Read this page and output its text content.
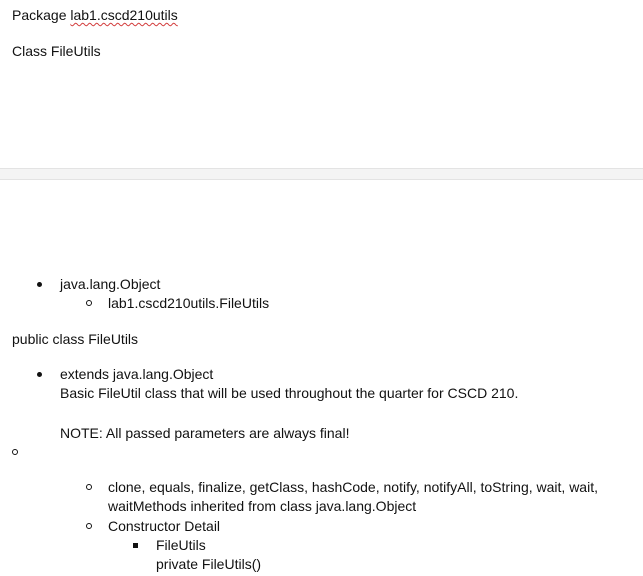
Package lab1.cscd210utils
Class FileUtils
java.lang.Object
lab1.cscd210utils.FileUtils
public class FileUtils
extends java.lang.Object
Basic FileUtil class that will be used throughout the quarter for CSCD 210.
NOTE: All passed parameters are always final!
clone, equals, finalize, getClass, hashCode, notify, notifyAll, toString, wait, wait,
waitMethods inherited from class java.lang.Object
Constructor Detail
FileUtils
private FileUtils()
